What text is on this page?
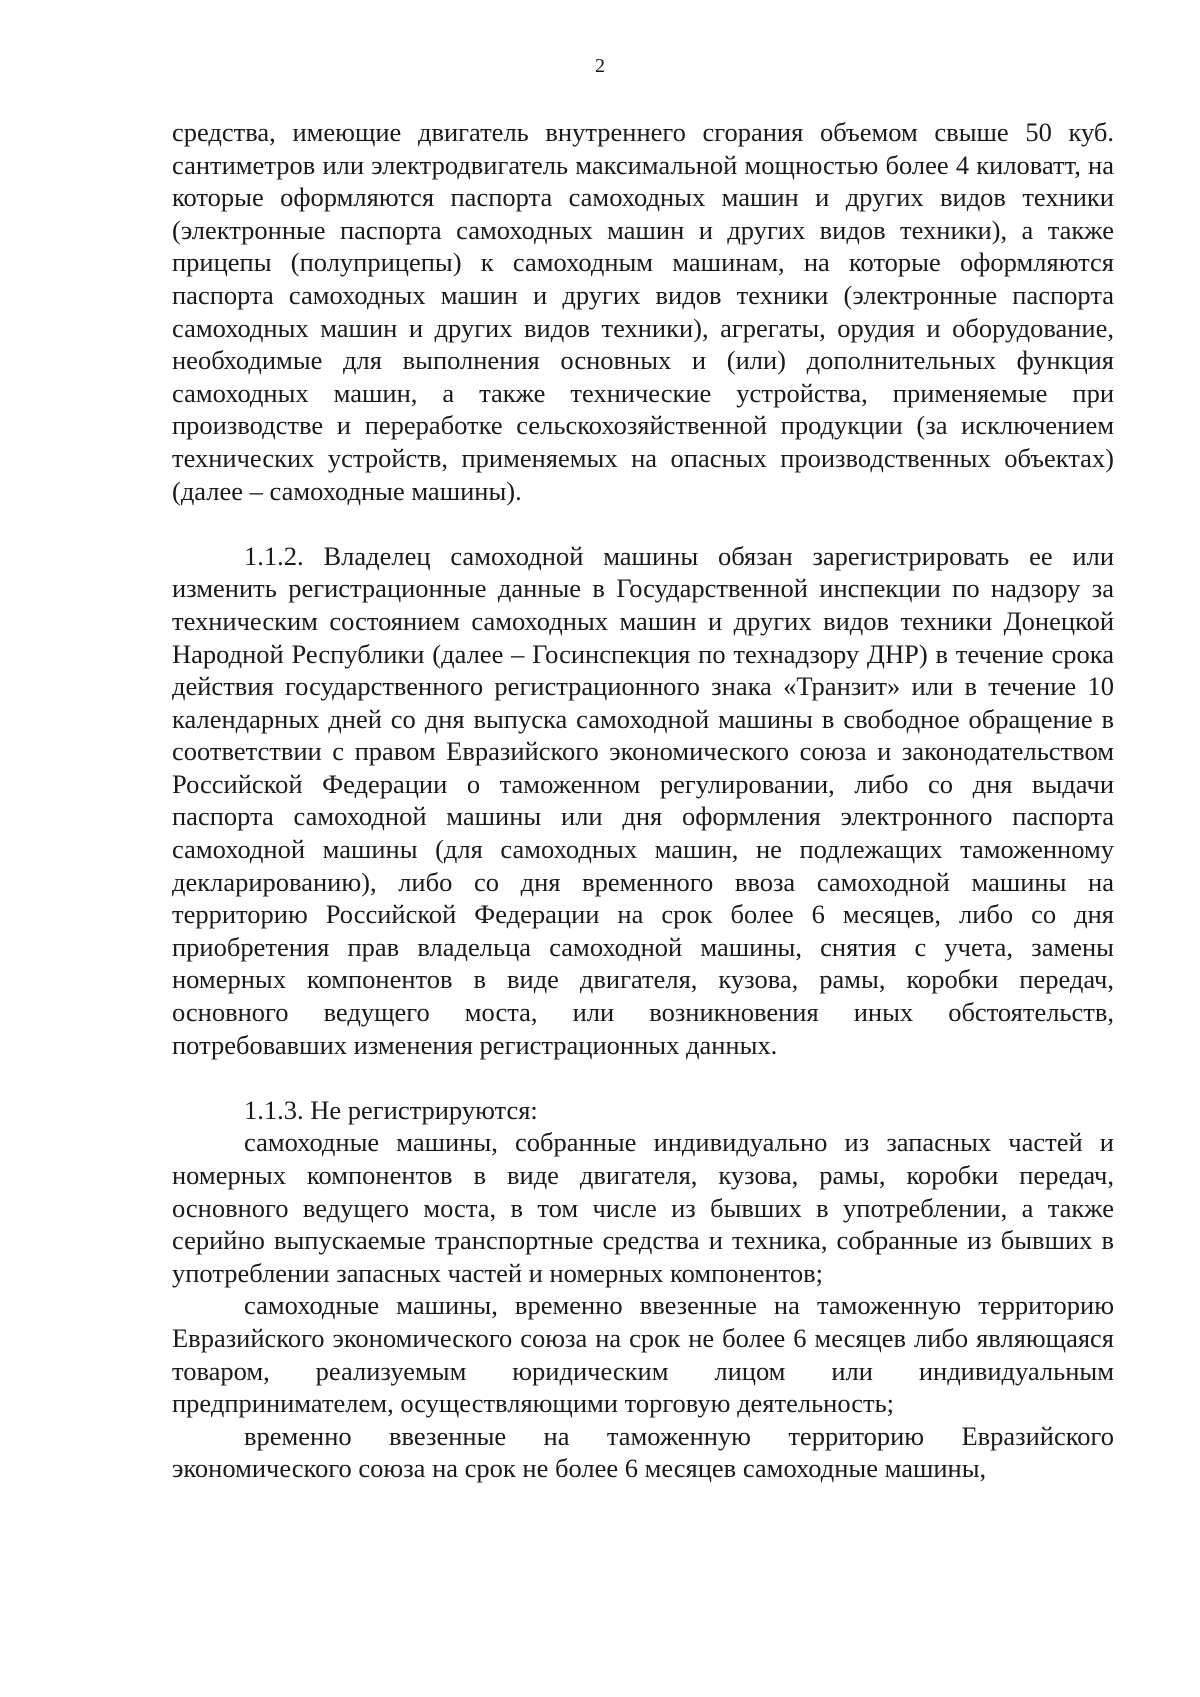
2

средства, имеющие двигатель внутреннего сгорания объемом свыше 50 куб. сантиметров или электродвигатель максимальной мощностью более 4 киловатт, на которые оформляются паспорта самоходных машин и других видов техники (электронные паспорта самоходных машин и других видов техники), а также прицепы (полуприцепы) к самоходным машинам, на которые оформляются паспорта самоходных машин и других видов техники (электронные паспорта самоходных машин и других видов техники), агрегаты, орудия и оборудование, необходимые для выполнения основных и (или) дополнительных функция самоходных машин, а также технические устройства, применяемые при производстве и переработке сельскохозяйственной продукции (за исключением технических устройств, применяемых на опасных производственных объектах) (далее – самоходные машины).

1.1.2. Владелец самоходной машины обязан зарегистрировать ее или изменить регистрационные данные в Государственной инспекции по надзору за техническим состоянием самоходных машин и других видов техники Донецкой Народной Республики (далее – Госинспекция по технадзору ДНР) в течение срока действия государственного регистрационного знака «Транзит» или в течение 10 календарных дней со дня выпуска самоходной машины в свободное обращение в соответствии с правом Евразийского экономического союза и законодательством Российской Федерации о таможенном регулировании, либо со дня выдачи паспорта самоходной машины или дня оформления электронного паспорта самоходной машины (для самоходных машин, не подлежащих таможенному декларированию), либо со дня временного ввоза самоходной машины на территорию Российской Федерации на срок более 6 месяцев, либо со дня приобретения прав владельца самоходной машины, снятия с учета, замены номерных компонентов в виде двигателя, кузова, рамы, коробки передач, основного ведущего моста, или возникновения иных обстоятельств, потребовавших изменения регистрационных данных.

1.1.3. Не регистрируются:

самоходные машины, собранные индивидуально из запасных частей и номерных компонентов в виде двигателя, кузова, рамы, коробки передач, основного ведущего моста, в том числе из бывших в употреблении, а также серийно выпускаемые транспортные средства и техника, собранные из бывших в употреблении запасных частей и номерных компонентов;

самоходные машины, временно ввезенные на таможенную территорию Евразийского экономического союза на срок не более 6 месяцев либо являющаяся товаром, реализуемым юридическим лицом или индивидуальным предпринимателем, осуществляющими торговую деятельность;

временно ввезенные на таможенную территорию Евразийского экономического союза на срок не более 6 месяцев самоходные машины,
